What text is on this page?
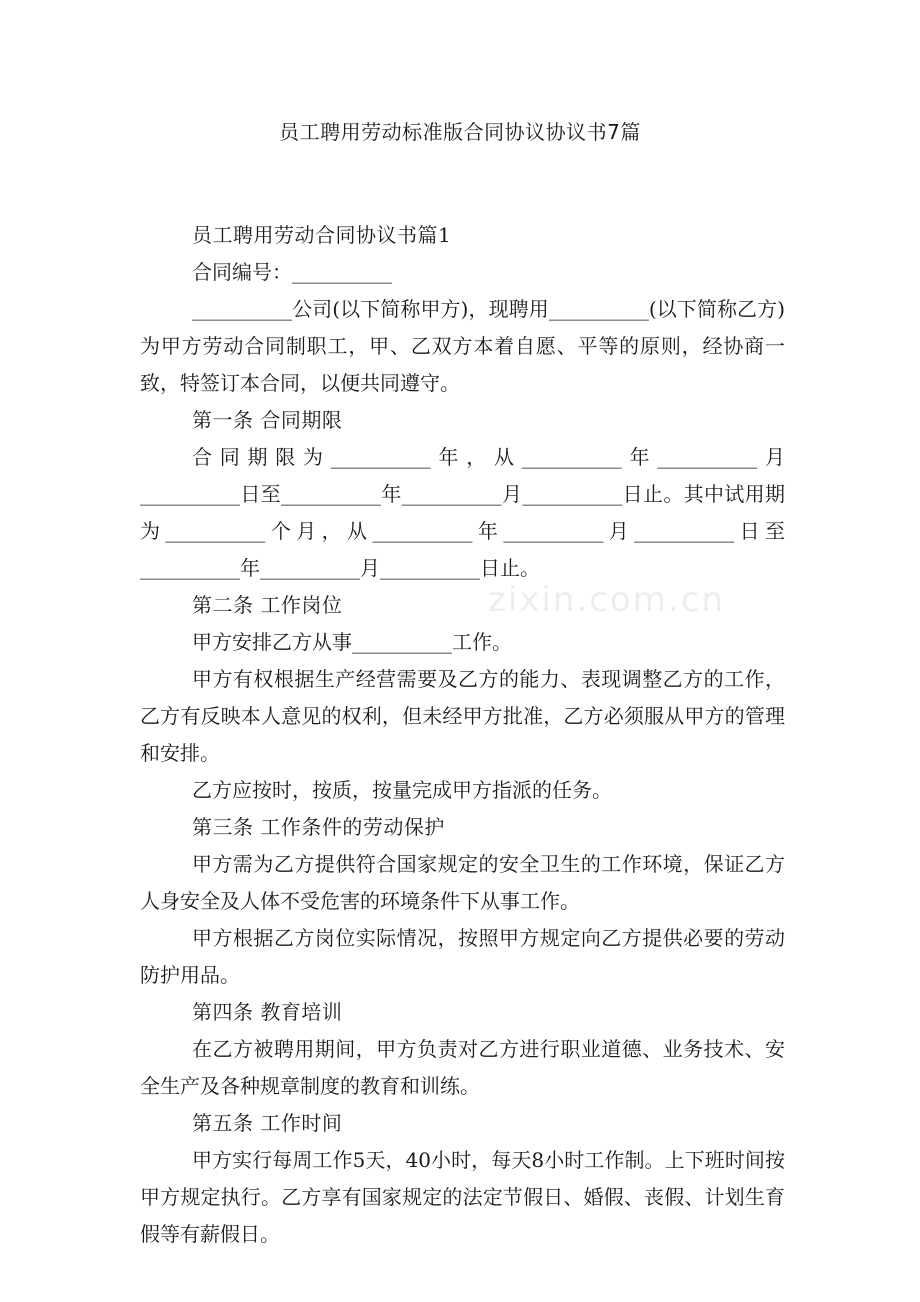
员工聘用劳动标准版合同协议协议书7篇
zixin.com.cn

员工聘用劳动合同协议书篇1

合同编号：__________

__________公司(以下简称甲方)，现聘用__________(以下简称乙方)为甲方劳动合同制职工，甲、乙双方本着自愿、平等的原则，经协商一致，特签订本合同，以便共同遵守。

第一条 合同期限

合同期限为__________年，从__________年__________月__________日至__________年__________月__________日止。其中试用期为__________个月，从__________年__________月__________日至__________年__________月__________日止。

第二条 工作岗位

甲方安排乙方从事__________工作。

甲方有权根据生产经营需要及乙方的能力、表现调整乙方的工作，乙方有反映本人意见的权利，但未经甲方批准，乙方必须服从甲方的管理和安排。

乙方应按时，按质，按量完成甲方指派的任务。

第三条 工作条件的劳动保护

甲方需为乙方提供符合国家规定的安全卫生的工作环境，保证乙方人身安全及人体不受危害的环境条件下从事工作。

甲方根据乙方岗位实际情况，按照甲方规定向乙方提供必要的劳动防护用品。

第四条 教育培训

在乙方被聘用期间，甲方负责对乙方进行职业道德、业务技术、安全生产及各种规章制度的教育和训练。

第五条 工作时间

甲方实行每周工作5天，40小时，每天8小时工作制。上下班时间按甲方规定执行。乙方享有国家规定的法定节假日、婚假、丧假、计划生育假等有薪假日。
